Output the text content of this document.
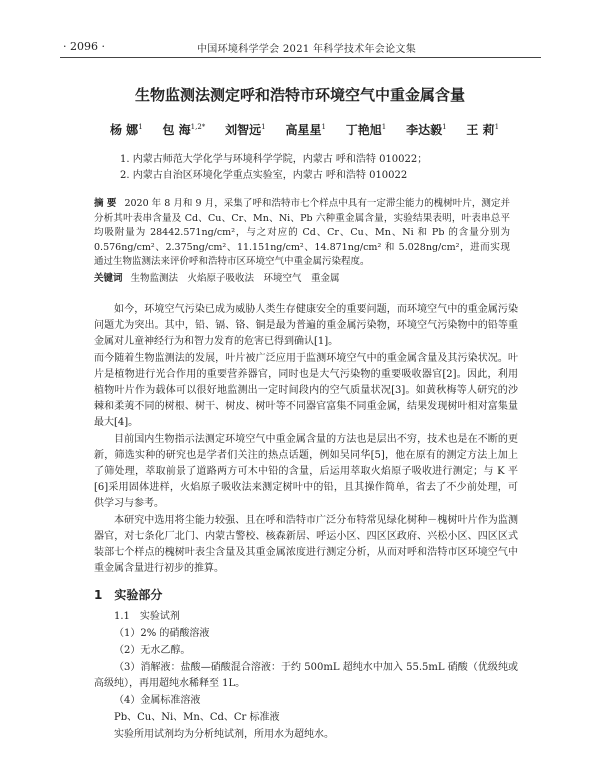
· 2096 ·	中国环境科学学会 2021 年科学技术年会论文集
生物监测法测定呼和浩特市环境空气中重金属含量
杨 娜$^1$ 包 海$^{1,2*}$ 刘智远$^1$ 高星星$^1$ 丁艳旭$^1$ 李达毅$^1$ 王 莉$^1$
1. 内蒙古师范大学化学与环境科学学院，内蒙古 呼和浩特 010022；
2. 内蒙古自治区环境化学重点实验室，内蒙古 呼和浩特 010022
摘 要 2020 年 8 月和 9 月，采集了呼和浩特市七个样点中具有一定滞尘能力的槐树叶片，测定并分析其叶表串含量及 Cd、Cu、Cr、Mn、Ni、Pb 六种重金属含量，实验结果表明，叶表串总平均吸附量为 28442.571ng/cm²，与之对应的 Cd、Cr、Cu、Mn、Ni 和 Pb 的含量分别为 0.576ng/cm²、2.375ng/cm²、11.151ng/cm²、14.871ng/cm² 和 5.028ng/cm²，进而实现通过生物监测法来评价呼和浩特市区环境空气中重金属污染程度。
关键词 生物监测法　火焰原子吸收法　环境空气　重金属

如今，环境空气污染已成为威胁人类生存健康安全的重要问题，而环境空气中的重金属污染问题尤为突出。其中，铅、镉、铬、铜是最为普遍的重金属污染物，环境空气污染物中的铅等重金属对儿童神经行为和智力发育的危害已得到确认[1]。

而今随着生物监测法的发展，叶片被广泛应用于监测环境空气中的重金属含量及其污染状况。叶片是植物进行光合作用的重要营养器官，同时也是大气污染物的重要吸收器官[2]。因此，利用植物叶片作为载体可以很好地监测出一定时间段内的空气质量状况[3]。如黄秋梅等人研究的沙棘和柔荑不同的树根、树干、树皮、树叶等不同器官富集不同重金属，结果发现树叶相对富集量最大[4]。

目前国内生物指示法测定环境空气中重金属含量的方法也是层出不穷，技术也是在不断的更新，筛选实种的研究也是学者们关注的热点话题，例如吴同华[5]，他在原有的测定方法上加上了筛处理，萃取前景了道路两方可木中铅的含量，后运用萃取火焰原子吸收进行测定；与 K 平[6]采用固体进样，火焰原子吸收法来测定树叶中的铅，且其操作简单，省去了不少前处理，可供学习与参考。

本研究中选用将尘能力较强、且在呼和浩特市广泛分布特常见绿化树种－槐树叶片作为监测器官，对七条化厂北门、内蒙古警校、核森新居、呼运小区、四区区政府、兴松小区、四区区式装部七个样点的槐树叶表尘含量及其重金属浓度进行测定分析，从而对呼和浩特市区环境空气中重金属含量进行初步的推算。

1　实验部分

1.1　实验试剂

（1）2% 的硝酸溶液

（2）无水乙醇。

（3）消解液：盐酸—硝酸混合溶液：于约 500mL 超纯水中加入 55.5mL 硝酸（优级纯或高级纯），再用超纯水稀释至 1L。

（4）金属标准溶液

Pb、Cu、Ni、Mn、Cd、Cr 标准液

实验所用试剂均为分析纯试剂，所用水为超纯水。
